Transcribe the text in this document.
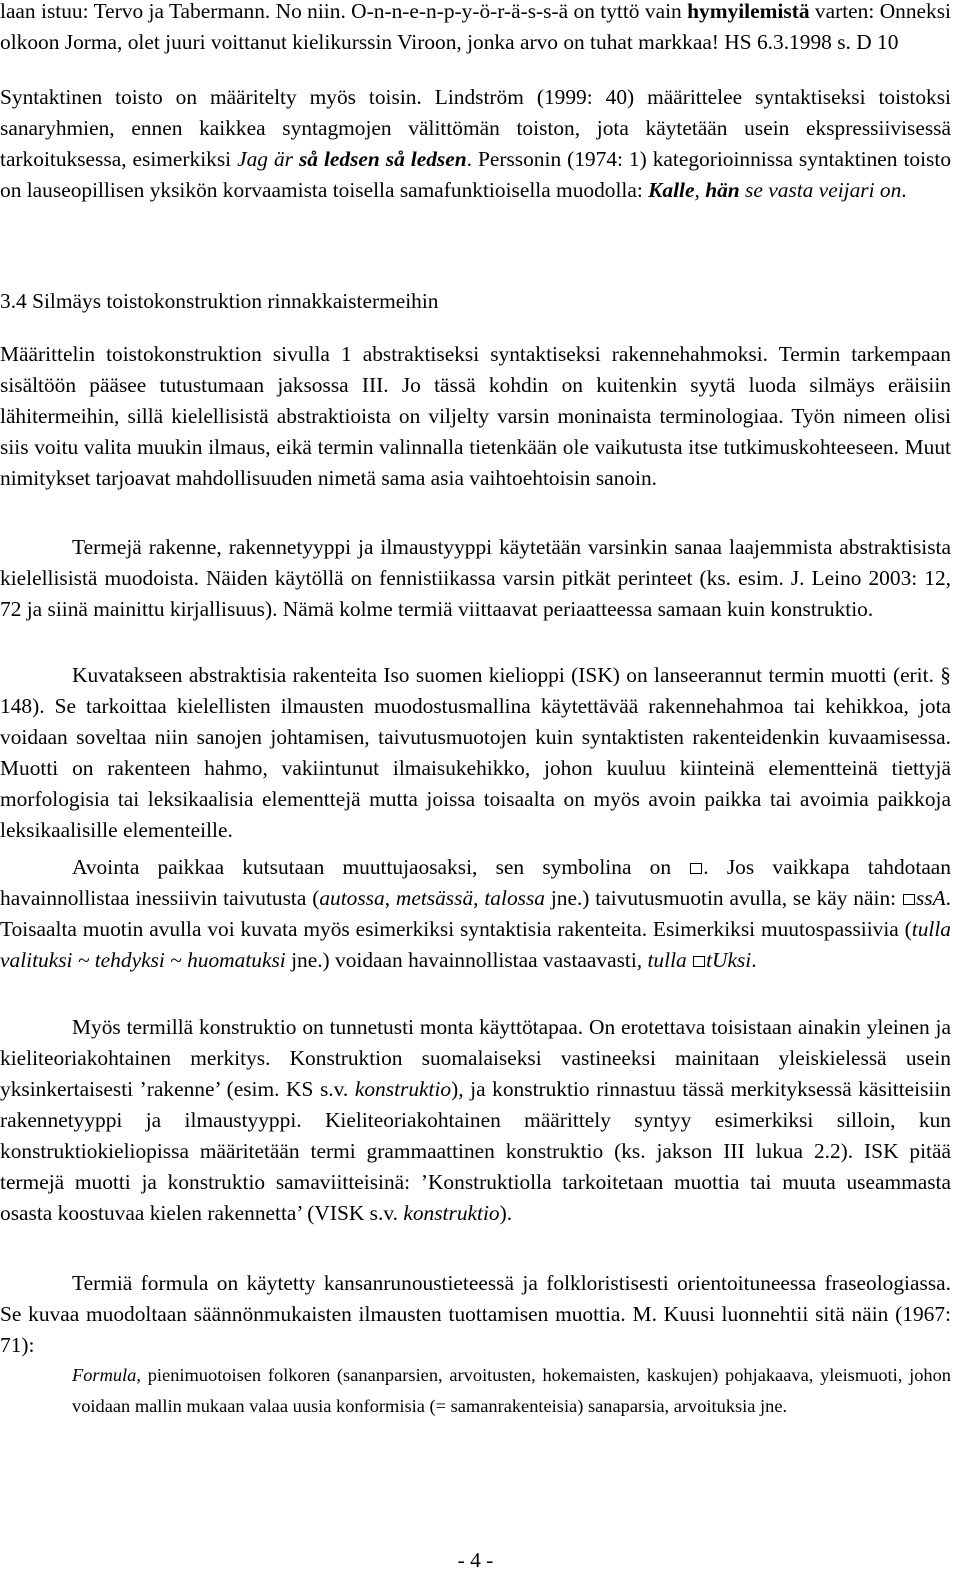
laan istuu: Tervo ja Tabermann. No niin. O-n-n-e-n-p-y-ö-r-ä-s-s-ä on tyttö vain hymyilemistä varten: Onneksi olkoon Jorma, olet juuri voittanut kielikurssin Viroon, jonka arvo on tuhat markkaa! HS 6.3.1998 s. D 10

Syntaktinen toisto on määritelty myös toisin. Lindström (1999: 40) määrittelee syntaktiseksi toistoksi sanaryhmien, ennen kaikkea syntagmojen välittömän toiston, jota käytetään usein ekspressiivisessä tarkoituksessa, esimerkiksi Jag är så ledsen så ledsen. Perssonin (1974: 1) kategorioinnissa syntaktinen toisto on lauseopillisen yksikön korvaamista toisella samafunktioisella muodolla: Kalle, hän se vasta veijari on.

3.4 Silmäys toistokonstruktion rinnakkaistermeihin

Määrittelin toistokonstruktion sivulla 1 abstraktiseksi syntaktiseksi rakennehahmoksi. Termin tarkempaan sisältöön pääsee tutustumaan jaksossa III. Jo tässä kohdin on kuitenkin syytä luoda silmäys eräisiin lähitermeihin, sillä kielellisistä abstraktioista on viljelty varsin moninaista terminologiaa. Työn nimeen olisi siis voitu valita muukin ilmaus, eikä termin valinnalla tietenkään ole vaikutusta itse tutkimuskohteeseen. Muut nimitykset tarjoavat mahdollisuuden nimetä sama asia vaihtoehtoisin sanoin.

Termejä rakenne, rakennetyyppi ja ilmaustyyppi käytetään varsinkin sanaa laajemmista abstraktisista kielellisistä muodoista. Näiden käytöllä on fennistiikassa varsin pitkät perinteet (ks. esim. J. Leino 2003: 12, 72 ja siinä mainittu kirjallisuus). Nämä kolme termiä viittaavat periaatteessa samaan kuin konstruktio.

Kuvatakseen abstraktisia rakenteita Iso suomen kielioppi (ISK) on lanseerannut termin muotti (erit. § 148). Se tarkoittaa kielellisten ilmausten muodostusmallina käytettävää rakennehahmoa tai kehikkoa, jota voidaan soveltaa niin sanojen johtamisen, taivutusmuotojen kuin syntaktisten rakenteidenkin kuvaamisessa. Muotti on rakenteen hahmo, vakiintunut ilmaisukehikko, johon kuuluu kiinteinä elementteinä tiettyjä morfologisia tai leksikaalisia elementtejä mutta joissa toisaalta on myös avoin paikka tai avoimia paikkoja leksikaalisille elementeille.

Avointa paikkaa kutsutaan muuttujaosaksi, sen symbolina on . Jos vaikkapa tahdotaan havainnollistaa inessiivin taivutusta (autossa, metsässä, talossa jne.) taivutusmuotin avulla, se käy näin: ssA. Toisaalta muotin avulla voi kuvata myös esimerkiksi syntaktisia rakenteita. Esimerkiksi muutospassiivia (tulla valituksi ~ tehdyksi ~ huomatuksi jne.) voidaan havainnollistaa vastaavasti, tulla tUksi.

Myös termillä konstruktio on tunnetusti monta käyttötapaa. On erotettava toisistaan ainakin yleinen ja kieliteoriakohtainen merkitys. Konstruktion suomalaiseksi vastineeksi mainitaan yleiskielessä usein yksinkertaisesti ’rakenne’ (esim. KS s.v. konstruktio), ja konstruktio rinnastuu tässä merkityksessä käsitteisiin rakennetyyppi ja ilmaustyyppi. Kieliteoriakohtainen määrittely syntyy esimerkiksi silloin, kun konstruktiokieliopissa määritetään termi grammaattinen konstruktio (ks. jakson III lukua 2.2). ISK pitää termejä muotti ja konstruktio samaviitteisinä: ’Konstruktiolla tarkoitetaan muottia tai muuta useammasta osasta koostuvaa kielen rakennetta’ (VISK s.v. konstruktio).

Termiä formula on käytetty kansanrunoustieteessä ja folkloristisesti orientoituneessa fraseologiassa. Se kuvaa muodoltaan säännönmukaisten ilmausten tuottamisen muottia. M. Kuusi luonnehtii sitä näin (1967: 71):

Formula, pienimuotoisen folkoren (sananparsien, arvoitusten, hokemaisten, kaskujen) pohjakaava, yleismuoti, johon voidaan mallin mukaan valaa uusia konformisia (= samanrakenteisia) sanaparsia, arvoituksia jne.

- 4 -
